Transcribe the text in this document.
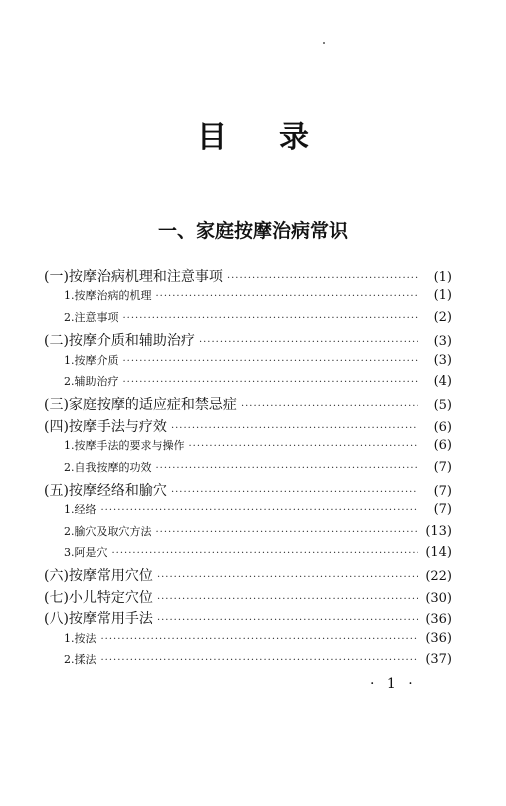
目录
一、家庭按摩治病常识
(一)按摩治病机理和注意事项 ·····	(1)
1.按摩治病的机理 ·····	(1)
2.注意事项 ·····	(2)
(二)按摩介质和辅助治疗 ·····	(3)
1.按摩介质 ·····	(3)
2.辅助治疗 ·····	(4)
(三)家庭按摩的适应症和禁忌症 ·····	(5)
(四)按摩手法与疗效 ·····	(6)
1.按摩手法的要求与操作 ·····	(6)
2.自我按摩的功效 ·····	(7)
(五)按摩经络和腧穴 ·····	(7)
1.经络 ·····	(7)
2.腧穴及取穴方法 ·····	(13)
3.阿是穴 ·····	(14)
(六)按摩常用穴位 ·····	(22)
(七)小儿特定穴位 ·····	(30)
(八)按摩常用手法 ·····	(36)
1.按法 ·····	(36)
2.揉法 ·····	(37)
· 1 ·
